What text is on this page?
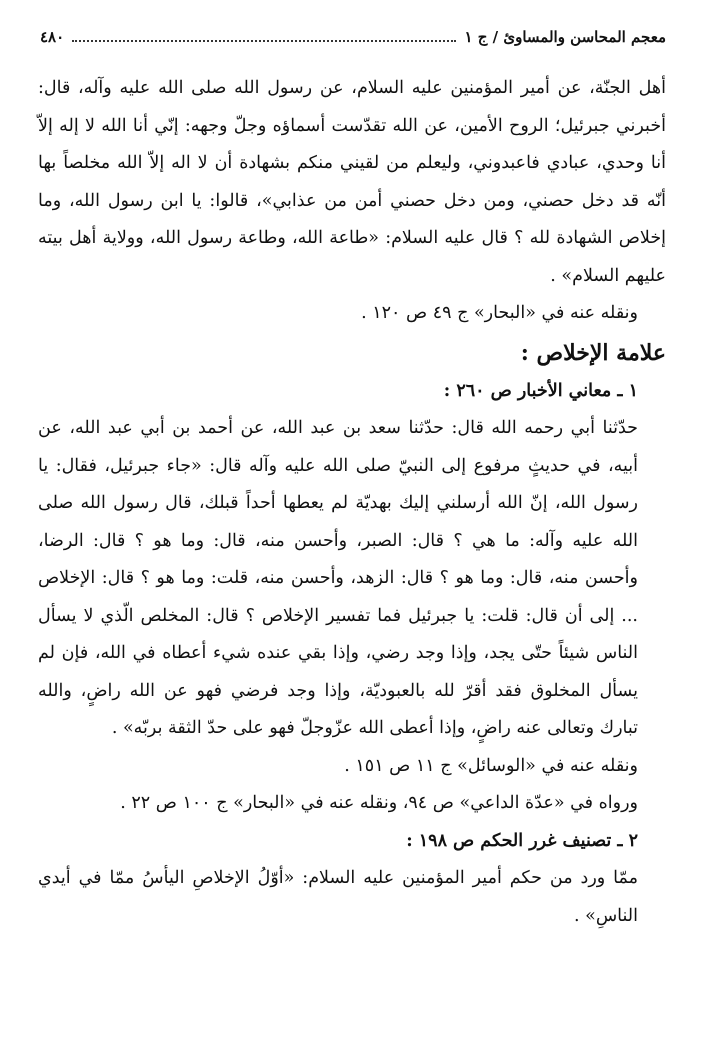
معجم المحاسن والمساوئ / ج ١
٤٨٠

أهل الجنّة، عن أمير المؤمنين عليه السلام، عن رسول الله صلى الله عليه وآله، قال: أخبرني جبرئيل؛ الروح الأمين، عن الله تقدّست أسماؤه وجلّ وجهه: إنّي أنا الله لا إله إلاّ أنا وحدي، عبادي فاعبدوني، وليعلم من لقيني منكم بشهادة أن لا اله إلاّ الله مخلصاً بها أنّه قد دخل حصني، ومن دخل حصني أمن من عذابي»، قالوا: يا ابن رسول الله، وما إخلاص الشهادة لله ؟ قال عليه السلام: «طاعة الله، وطاعة رسول الله، وولاية أهل بيته عليهم السلام» .

ونقله عنه في «البحار» ج ٤٩ ص ١٢٠ .

علامة الإخلاص :

١ ـ معاني الأخبار ص ٢٦٠ :

حدّثنا أبي رحمه الله قال: حدّثنا سعد بن عبد الله، عن أحمد بن أبي عبد الله، عن أبيه، في حديثٍ مرفوع إلى النبيّ صلى الله عليه وآله قال: «جاء جبرئيل، فقال: يا رسول الله، إنّ الله أرسلني إليك بهديّة لم يعطها أحداً قبلك، قال رسول الله صلى الله عليه وآله: ما هي ؟ قال: الصبر، وأحسن منه، قال: وما هو ؟ قال: الرضا، وأحسن منه، قال: وما هو ؟ قال: الزهد، وأحسن منه، قلت: وما هو ؟ قال: الإخلاص ... إلى أن قال: قلت: يا جبرئيل فما تفسير الإخلاص ؟ قال: المخلص الّذي لا يسأل الناس شيئاً حتّى يجد، وإذا وجد رضي، وإذا بقي عنده شيء أعطاه في الله، فإن لم يسأل المخلوق فقد أقرّ لله بالعبوديّة، وإذا وجد فرضي فهو عن الله راضٍ، والله تبارك وتعالى عنه راضٍ، وإذا أعطى الله عزّوجلّ فهو على حدّ الثقة بربّه» .

ونقله عنه في «الوسائل» ج ١١ ص ١٥١ .

ورواه في «عدّة الداعي» ص ٩٤، ونقله عنه في «البحار» ج ١٠٠ ص ٢٢ .

٢ ـ تصنيف غرر الحكم ص ١٩٨ :

ممّا ورد من حكم أمير المؤمنين عليه السلام: «أوّلُ الإخلاصِ اليأسُ ممّا في أيدي الناسِ» .
